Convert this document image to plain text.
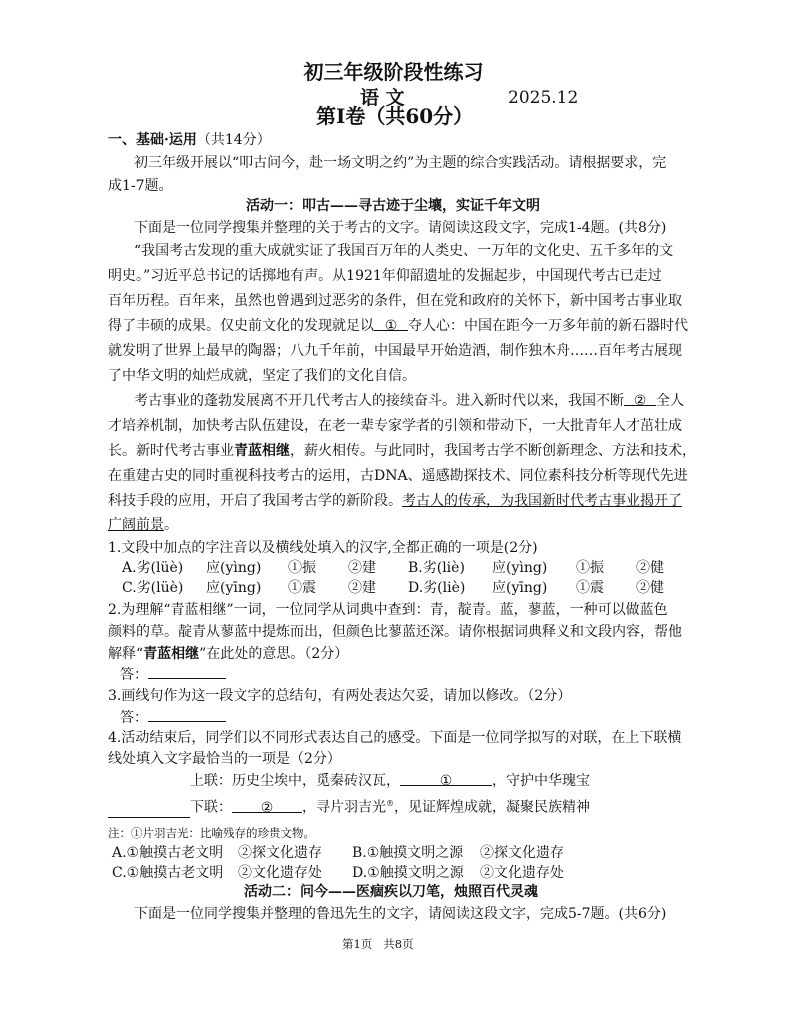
初三年级阶段性练习
语 文	2025.12
第Ⅰ卷（共60分）
一、基础·运用（共14分）
初三年级开展以“叩古问今，赴一场文明之约”为主题的综合实践活动。请根据要求，完
成1-7题。
活动一：叩古——寻古迹于尘壤，实证千年文明
下面是一位同学搜集并整理的关于考古的文字。请阅读这段文字，完成1-4题。(共8分)
“我国考古发现的重大成就实证了我国百万年的人类史、一万年的文化史、五千多年的文
明史。”习近平总书记的话掷地有声。从1921年仰韶遗址的发掘起步，中国现代考古已走过
百年历程。百年来，虽然也曾遇到过恶劣的条件，但在党和政府的关怀下，新中国考古事业取
得了丰硕的成果。仅史前文化的发现就足以 ① 夺人心：中国在距今一万多年前的新石器时代
就发明了世界上最早的陶器；八九千年前，中国最早开始造酒，制作独木舟……百年考古展现
了中华文明的灿烂成就，坚定了我们的文化自信。
考古事业的蓬勃发展离不开几代考古人的接续奋斗。进入新时代以来，我国不断 ② 全人
才培养机制，加快考古队伍建设，在老一辈专家学者的引领和带动下，一大批青年人才茁壮成
长。新时代考古事业青蓝相继，薪火相传。与此同时，我国考古学不断创新理念、方法和技术，
在重建古史的同时重视科技考古的运用，古DNA、遥感勘探技术、同位素科技分析等现代先进
科技手段的应用，开启了我国考古学的新阶段。考古人的传承，为我国新时代考古事业揭开了
广阔前景。
1.文段中加点的字注音以及横线处填入的汉字,全都正确的一项是(2分)
A.劣(lüè) 应(yìng) ①振 ②建 B.劣(liè) 应(yìng) ①振 ②健
C.劣(lüè) 应(yīng) ①震 ②建 D.劣(liè) 应(yīng) ①震 ②健
2.为理解“青蓝相继”一词，一位同学从词典中查到：青，靛青。蓝，蓼蓝，一种可以做蓝色
颜料的草。靛青从蓼蓝中提炼而出，但颜色比蓼蓝还深。请你根据词典释义和文段内容，帮他
解释“青蓝相继”在此处的意思。（2分）
答：
3.画线句作为这一段文字的总结句，有两处表达欠妥，请加以修改。（2分）
答：
4.活动结束后，同学们以不同形式表达自己的感受。下面是一位同学拟写的对联，在上下联横
线处填入文字最恰当的一项是（2分）
上联：历史尘埃中，觅秦砖汉瓦，	①	，守护中华瑰宝
下联： ② ，寻片羽吉光®，见证辉煌成就，凝聚民族精神
注：①片羽吉光：比喻残存的珍贵文物。
A.①触摸古老文明 ②探文化遗存 B.①触摸文明之源 ②探文化遗存
C.①触摸古老文明 ②文化遗存处 D.①触摸文明之源 ②文化遗存处
活动二：问今——医痼疾以刀笔，烛照百代灵魂
下面是一位同学搜集并整理的鲁迅先生的文字，请阅读这段文字，完成5-7题。(共6分)
第1页 共8页
